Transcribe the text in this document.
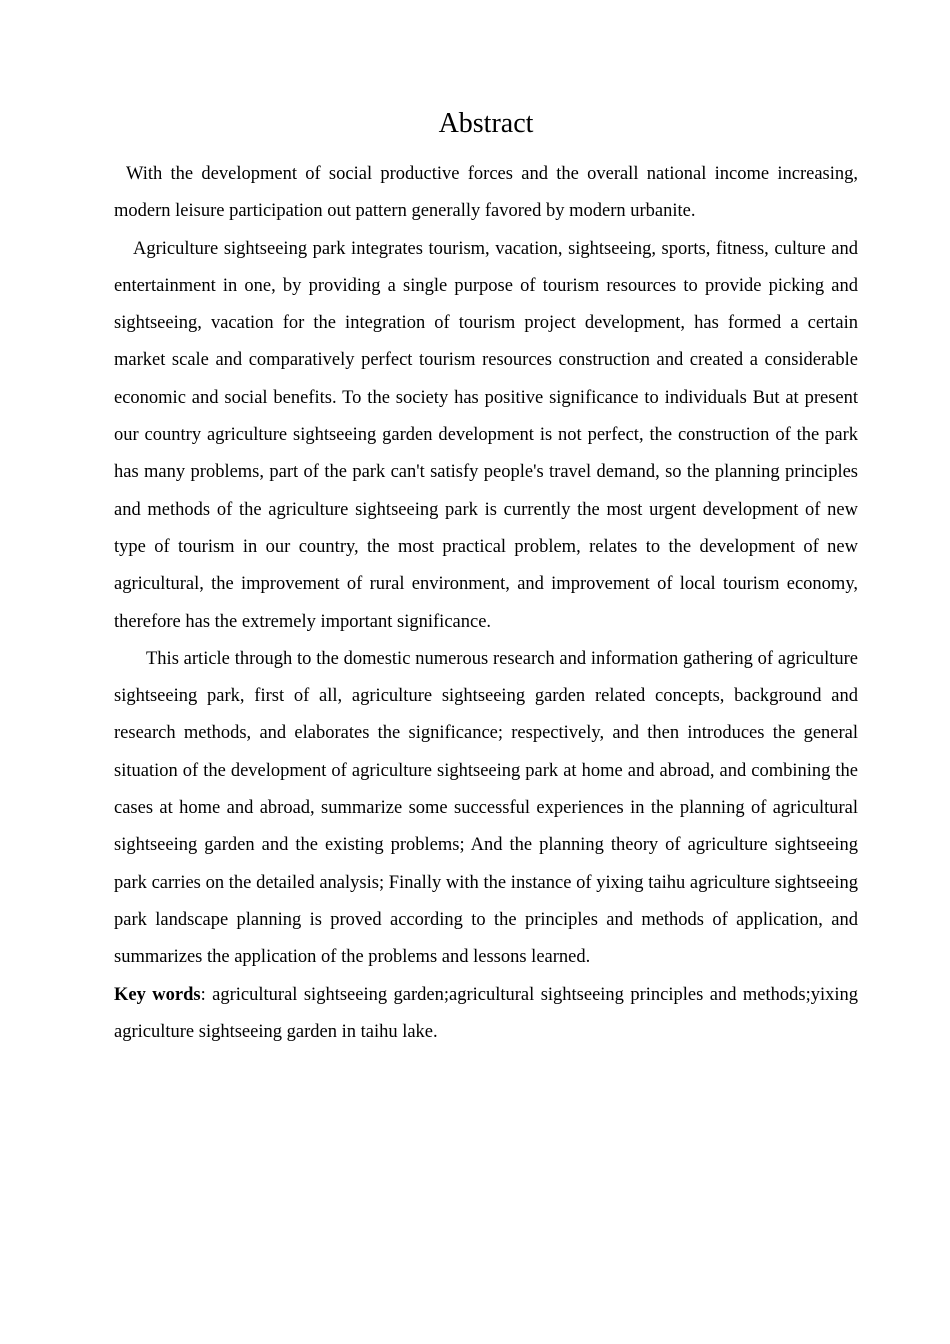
Abstract

With the development of social productive forces and the overall national income increasing, modern leisure participation out pattern generally favored by modern urbanite.

Agriculture sightseeing park integrates tourism, vacation, sightseeing, sports, fitness, culture and entertainment in one, by providing a single purpose of tourism resources to provide picking and sightseeing, vacation for the integration of tourism project development, has formed a certain market scale and comparatively perfect tourism resources construction and created a considerable economic and social benefits. To the society has positive significance to individuals But at present our country agriculture sightseeing garden development is not perfect, the construction of the park has many problems, part of the park can't satisfy people's travel demand, so the planning principles and methods of the agriculture sightseeing park is currently the most urgent development of new type of tourism in our country, the most practical problem, relates to the development of new agricultural, the improvement of rural environment, and improvement of local tourism economy, therefore has the extremely important significance.

This article through to the domestic numerous research and information gathering of agriculture sightseeing park, first of all, agriculture sightseeing garden related concepts, background and research methods, and elaborates the significance; respectively, and then introduces the general situation of the development of agriculture sightseeing park at home and abroad, and combining the cases at home and abroad, summarize some successful experiences in the planning of agricultural sightseeing garden and the existing problems; And the planning theory of agriculture sightseeing park carries on the detailed analysis; Finally with the instance of yixing taihu agriculture sightseeing park landscape planning is proved according to the principles and methods of application, and summarizes the application of the problems and lessons learned.

Key words: agricultural sightseeing garden;agricultural sightseeing principles and methods;yixing agriculture sightseeing garden in taihu lake.
